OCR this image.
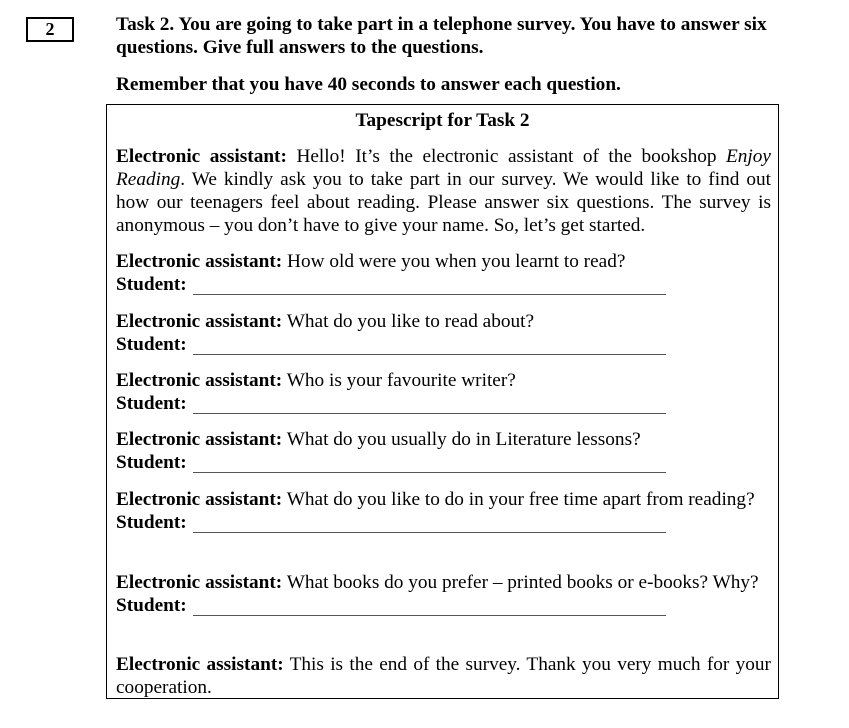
2	Task 2. You are going to take part in a telephone survey. You have to answer six questions. Give full answers to the questions.
Remember that you have 40 seconds to answer each question.
Tapescript for Task 2
Electronic assistant: Hello! It’s the electronic assistant of the bookshop Enjoy Reading. We kindly ask you to take part in our survey. We would like to find out how our teenagers feel about reading. Please answer six questions. The survey is anonymous – you don’t have to give your name. So, let’s get started.
Electronic assistant: How old were you when you learnt to read?
Student:
Electronic assistant: What do you like to read about?
Student:
Electronic assistant: Who is your favourite writer?
Student:
Electronic assistant: What do you usually do in Literature lessons?
Student:
Electronic assistant: What do you like to do in your free time apart from reading?
Student:
Electronic assistant: What books do you prefer – printed books or e-books? Why?
Student:
Electronic assistant: This is the end of the survey. Thank you very much for your cooperation.
